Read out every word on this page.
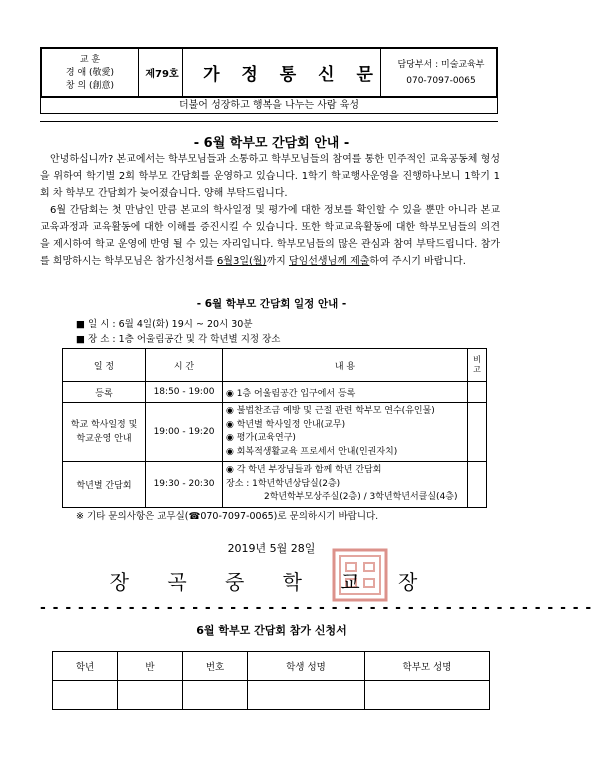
교 훈
경 애 (敬愛)
창 의 (創意)
제79호	가 정 통 신 문	담당부서 : 미술교육부
070-7097-0065
더불어 성장하고 행복을 나누는 사람 육성
- 6월 학부모 간담회 안내 -
안녕하십니까? 본교에서는 학부모님들과 소통하고 학부모님들의 참여를 통한 민주적인 교육공동체 형성을 위하여 학기별 2회 학부모 간담회를 운영하고 있습니다. 1학기 학교행사운영을 진행하나보니 1학기 1회 차 학부모 간담회가 늦어졌습니다. 양해 부탁드립니다.
6월 간담회는 첫 만남인 만큼 본교의 학사일정 및 평가에 대한 정보를 확인할 수 있을 뿐만 아니라 본교 교육과정과 교육활동에 대한 이해를 증진시킬 수 있습니다. 또한 학교교육활동에 대한 학부모님들의 의견을 제시하여 학교 운영에 반영 될 수 있는 자리입니다. 학부모님들의 많은 관심과 참여 부탁드립니다. 참가를 희망하시는 학부모님은 참가신청서를 6월3일(월)까지 담임선생님께 제출하여 주시기 바랍니다.
- 6월 학부모 간담회 일정 안내 -
■ 일 시 : 6월 4일(화) 19시 ~ 20시 30분
■ 장 소 : 1층 어울림공간 및 각 학년별 지정 장소
일 정	시 간	내 용	비고
등록	18:50 - 19:00	◉ 1층 어울림공간 입구에서 등록	

학교 학사일정 및 학교운영 안내	19:00 - 19:20	◉ 불법찬조금 예방 및 근절 관련 학부모 연수(유인물)
◉ 학년별 학사일정 안내(교무)
◉ 평가(교육연구)
◉ 회복적생활교육 프로세서 안내(인권자치)	

학년별 간담회	19:30 - 20:30	◉ 각 학년 부장님들과 함께 학년 간담회
장소 : 1학년학년상담실(2층)
2학년학부모상주실(2층) / 3학년학년서클실(4층)	

※ 기타 문의사항은 교무실(☎070-7097-0065)로 문의하시기 바랍니다.
2019년 5월 28일
장 곡 중 학 교 장
- - - - - - - - - - - - - - - - - - - - - - - - - - - - - - - - - - - - - - - - - - - -
6월 학부모 간담회 참가 신청서
학년	반	번호	학생 성명	학부모 성명
